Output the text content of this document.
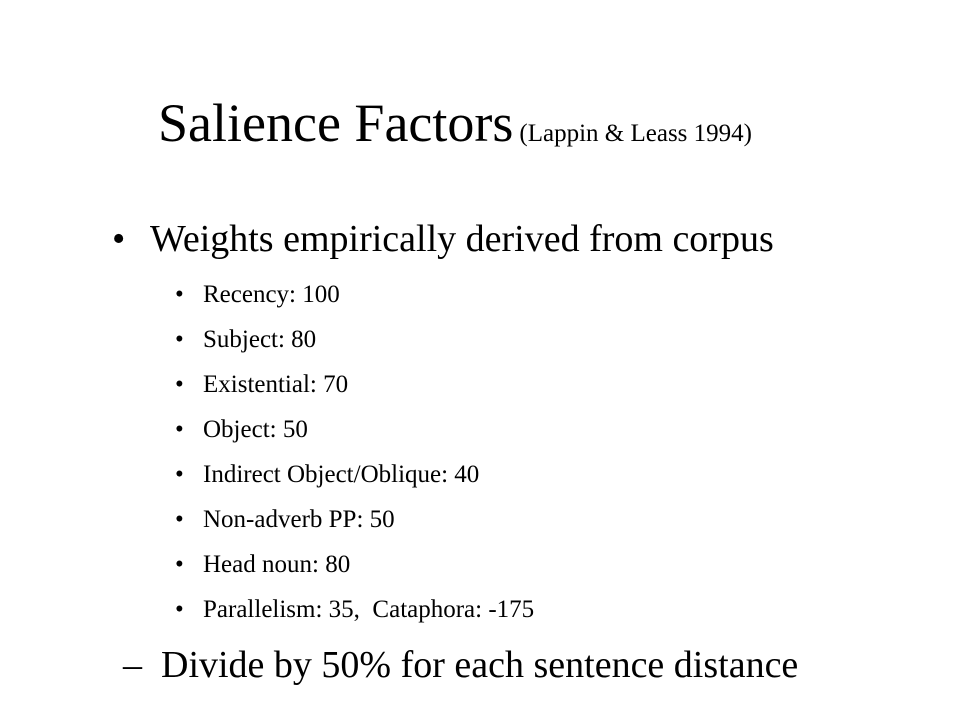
Salience Factors (Lappin & Leass 1994)
• Weights empirically derived from corpus
• Recency: 100
• Subject: 80
• Existential: 70
• Object: 50
• Indirect Object/Oblique: 40
• Non-adverb PP: 50
• Head noun: 80
• Parallelism: 35,  Cataphora: -175
– Divide by 50% for each sentence distance
